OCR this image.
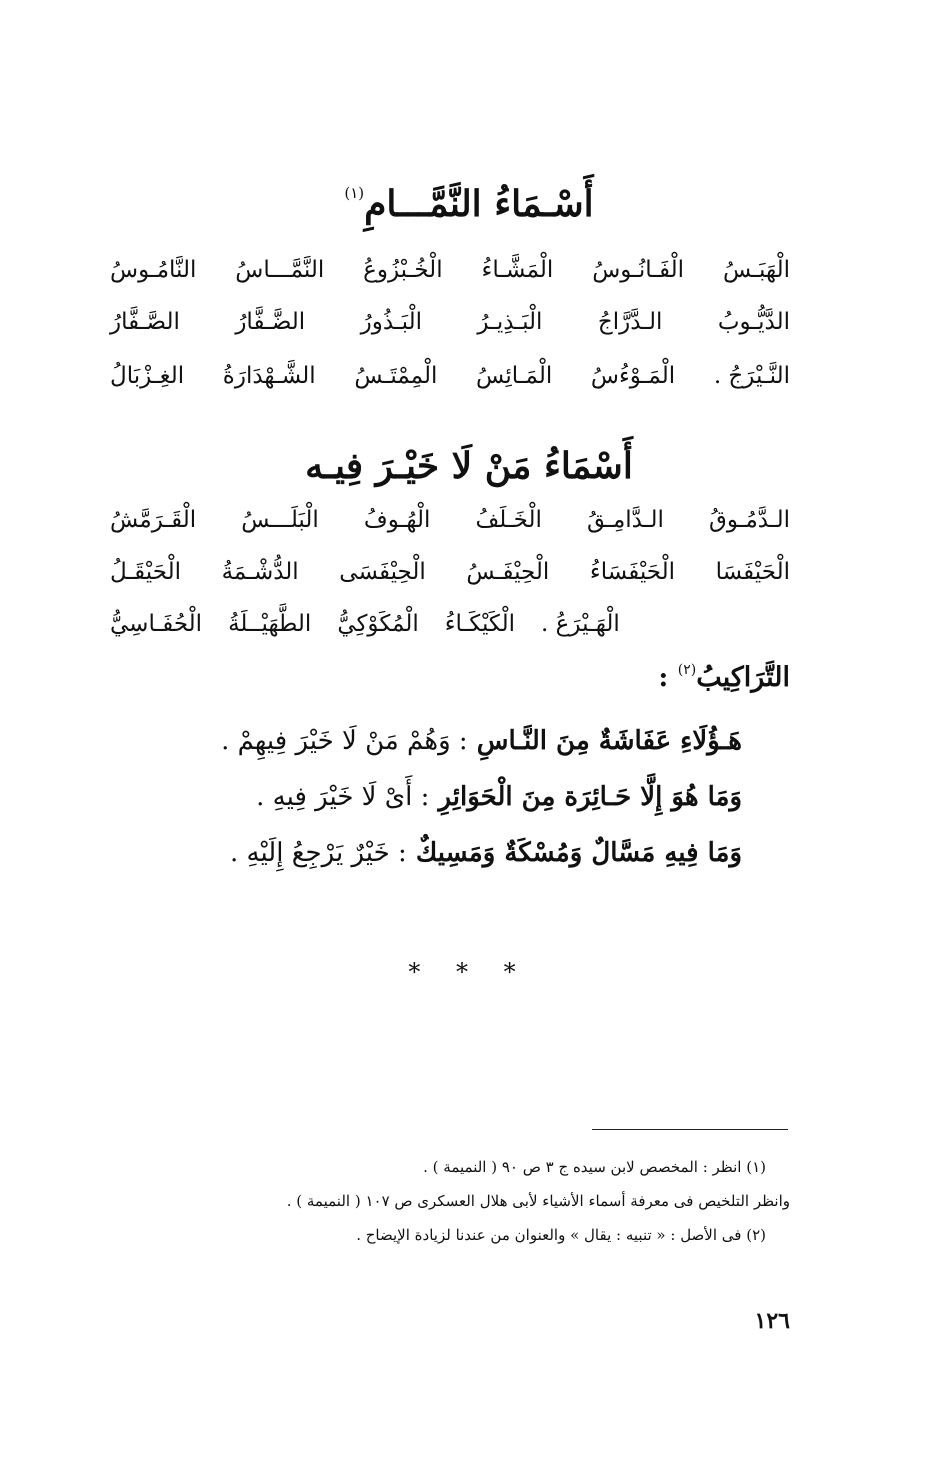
أَسْـمَاءُ النَّمَّـــامِ$^{(١)}$
النَّامُـوسُ النَّمَّـــاسُ الْخُـبْزُوعُ الْمَشَّـاءُ الْفَـانُـوسُ الْهَبَـسُ
الصَّـفَّارُ الضَّـفَّارُ الْبَـذُورُ الْبَـذِيـرُ الـدَّرَّاجُ الدَّيُّـوبُ
الغِـزْبَالُ الشَّـهْدَارَةُ الْمِمْتَـسُ الْمَـائِسُ الْمَـوْءُسُ النَّـيْرَجُ .
أَسْمَاءُ مَنْ لَا خَيْـرَ فِيـه
الْقَـرَمَّشُ الْبَلَـــسُ الْهُـوفُ الْخَـلَفُ الـدَّامِـقُ الـدَّمُـوقُ
الْحَيْقَـلُ الدُّشْـمَةُ الْحِيْفَسَى الْحِيْفَـسُ الْحَيْفَسَاءُ الْحَيْفَسَا
الْحُفَـاسِيُّ الطَّهَيْــلَةُ الْمُكَوْكِيُّ الْكَيْكَـاءُ الْهَـيْرَعُ .
التَّرَاكِيبُ$^{(٢)}$ :
هَـؤُلَاءِ عَفَاشَةٌ مِنَ النَّـاسِ : وَهُمْ مَنْ لَا خَيْرَ فِيهِمْ .
وَمَا هُوَ إِلَّا حَـائِرَة مِنَ الْحَوَائِرِ : أَىْ لَا خَيْرَ فِيهِ .
وَمَا فِيهِ مَسَّالٌ وَمُسْكَةٌ وَمَسِيكٌ : خَيْرٌ يَرْجِعُ إِلَيْهِ .
* * *
(١) انظر : المخصص لابن سيده ج ٣ ص ٩٠ ( النميمة ) .
وانظر التلخيص فى معرفة أسماء الأشياء لأبى هلال العسكرى ص ١٠٧ ( النميمة ) .
(٢) فى الأصل : « تنبيه : يقال » والعنوان من عندنا لزيادة الإيضاح .
١٢٦
